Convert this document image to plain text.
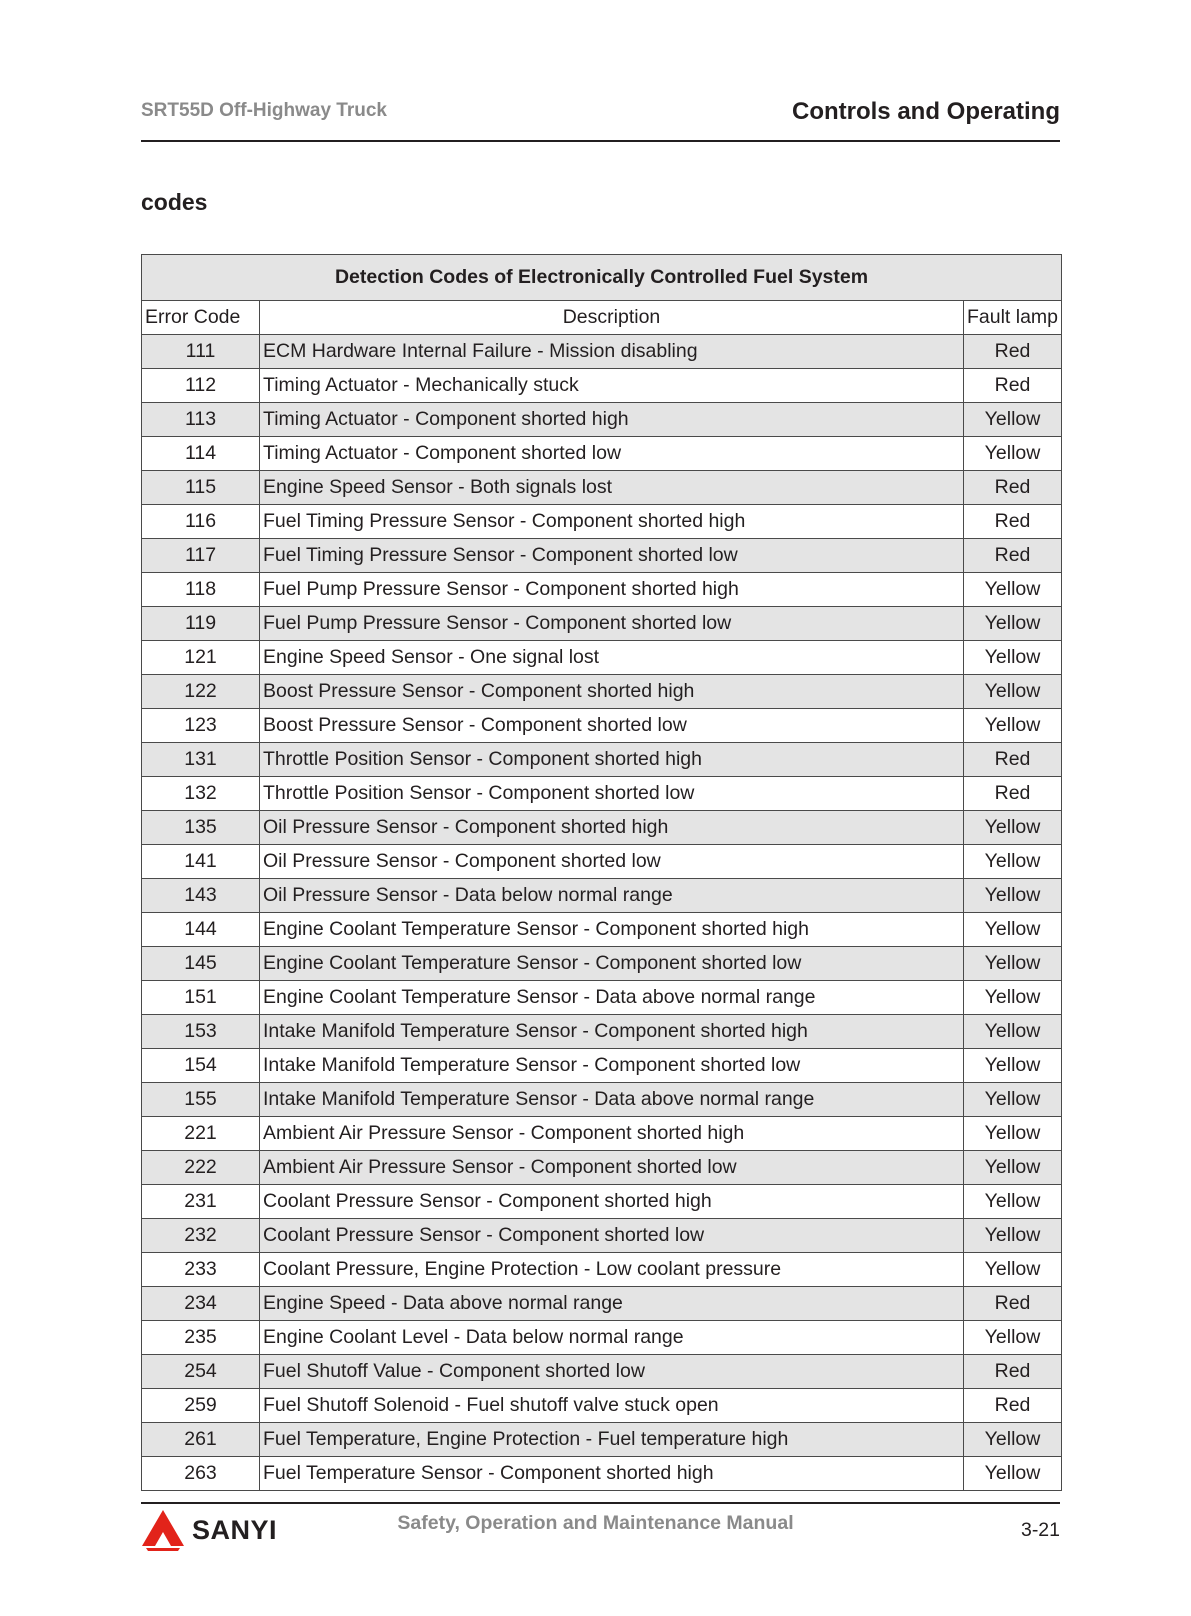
SRT55D Off-Highway Truck	Controls and Operating
codes
Detection Codes of Electronically Controlled Fuel System		
Error Code	Description	Fault lamp
111	ECM Hardware Internal Failure - Mission disabling	Red
112	Timing Actuator - Mechanically stuck	Red
113	Timing Actuator - Component shorted high	Yellow
114	Timing Actuator - Component shorted low	Yellow
115	Engine Speed Sensor - Both signals lost	Red
116	Fuel Timing Pressure Sensor - Component shorted high	Red
117	Fuel Timing Pressure Sensor - Component shorted low	Red
118	Fuel Pump Pressure Sensor - Component shorted high	Yellow
119	Fuel Pump Pressure Sensor - Component shorted low	Yellow
121	Engine Speed Sensor - One signal lost	Yellow
122	Boost Pressure Sensor - Component shorted high	Yellow
123	Boost Pressure Sensor - Component shorted low	Yellow
131	Throttle Position Sensor - Component shorted high	Red
132	Throttle Position Sensor - Component shorted low	Red
135	Oil Pressure Sensor - Component shorted high	Yellow
141	Oil Pressure Sensor - Component shorted low	Yellow
143	Oil Pressure Sensor - Data below normal range	Yellow
144	Engine Coolant Temperature Sensor - Component shorted high	Yellow
145	Engine Coolant Temperature Sensor - Component shorted low	Yellow
151	Engine Coolant Temperature Sensor - Data above normal range	Yellow
153	Intake Manifold Temperature Sensor - Component shorted high	Yellow
154	Intake Manifold Temperature Sensor - Component shorted low	Yellow
155	Intake Manifold Temperature Sensor - Data above normal range	Yellow
221	Ambient Air Pressure Sensor - Component shorted high	Yellow
222	Ambient Air Pressure Sensor - Component shorted low	Yellow
231	Coolant Pressure Sensor - Component shorted high	Yellow
232	Coolant Pressure Sensor - Component shorted low	Yellow
233	Coolant Pressure, Engine Protection - Low coolant pressure	Yellow
234	Engine Speed - Data above normal range	Red
235	Engine Coolant Level - Data below normal range	Yellow
254	Fuel Shutoff Value - Component shorted low	Red
259	Fuel Shutoff Solenoid - Fuel shutoff valve stuck open	Red
261	Fuel Temperature, Engine Protection - Fuel temperature high	Yellow
263	Fuel Temperature Sensor - Component shorted high	Yellow
SANYI	Safety, Operation and Maintenance Manual	3-21
